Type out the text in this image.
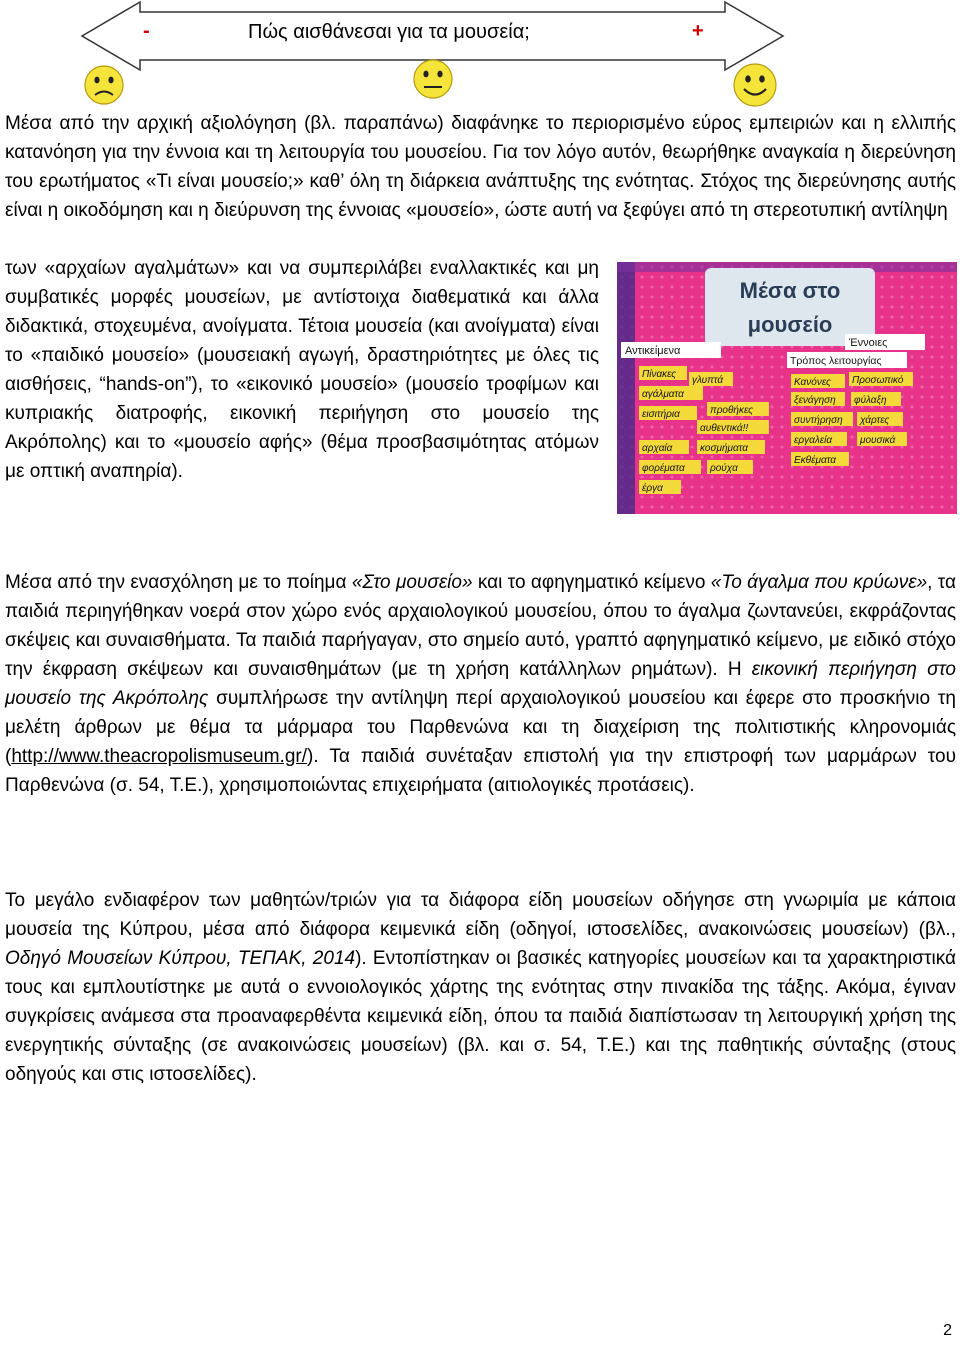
-	Πώς αισθάνεσαι για τα μουσεία;	+

Μέσα από την αρχική αξιολόγηση (βλ. παραπάνω) διαφάνηκε το περιορισμένο εύρος εμπειριών και η ελλιπής κατανόηση για την έννοια και τη λειτουργία του μουσείου. Για τον λόγο αυτόν, θεωρήθηκε αναγκαία η διερεύνηση του ερωτήματος «Τι είναι μουσείο;» καθ’ όλη τη διάρκεια ανάπτυξης της ενότητας. Στόχος της διερεύνησης αυτής είναι η οικοδόμηση και η διεύρυνση της έννοιας «μουσείο», ώστε αυτή να ξεφύγει από τη στερεοτυπική αντίληψη

των «αρχαίων αγαλμάτων» και να συμπεριλάβει εναλλακτικές και μη συμβατικές μορφές μουσείων, με αντίστοιχα διαθεματικά και άλλα διδακτικά, στοχευμένα, ανοίγματα. Τέτοια μουσεία (και ανοίγματα) είναι το «παιδικό μουσείο» (μουσειακή αγωγή, δραστηριότητες με όλες τις αισθήσεις, “hands-on”), το «εικονικό μουσείο» (μουσείο τροφίμων και κυπριακής διατροφής, εικονική περιήγηση στο μουσείο της Ακρόπολης) και το «μουσείο αφής» (θέμα προσβασιμότητας ατόμων με οπτική αναπηρία).

Μέσα στο
μουσείο
Αντικείμενα
Έννοιες
Τρόπος λειτουργίας
Πίνακες
γλυπτά
αγάλματα
Κανόνες Προσωπικό
εισιτήρια
ξενάγηση φύλαξη
προθήκες
αυθεντικά!!
αρχαία	κοσμήματα
συντήρηση χάρτες
φορέματα
εργαλεία
ρούχα
έργα
Εκθέματα
μουσικά

Μέσα από την ενασχόληση με το ποίημα «Στο μουσείο» και το αφηγηματικό κείμενο «Το άγαλμα που κρύωνε», τα παιδιά περιηγήθηκαν νοερά στον χώρο ενός αρχαιολογικού μουσείου, όπου το άγαλμα ζωντανεύει, εκφράζοντας σκέψεις και συναισθήματα. Τα παιδιά παρήγαγαν, στο σημείο αυτό, γραπτό αφηγηματικό κείμενο, με ειδικό στόχο την έκφραση σκέψεων και συναισθημάτων (με τη χρήση κατάλληλων ρημάτων). Η εικονική περιήγηση στο μουσείο της Ακρόπολης συμπλήρωσε την αντίληψη περί αρχαιολογικού μουσείου και έφερε στο προσκήνιο τη μελέτη άρθρων με θέμα τα μάρμαρα του Παρθενώνα και τη διαχείριση της πολιτιστικής κληρονομιάς (http://www.theacropolismuseum.gr/). Τα παιδιά συνέταξαν επιστολή για την επιστροφή των μαρμάρων του Παρθενώνα (σ. 54, Τ.Ε.), χρησιμοποιώντας επιχειρήματα (αιτιολογικές προτάσεις).

Το μεγάλο ενδιαφέρον των μαθητών/τριών για τα διάφορα είδη μουσείων οδήγησε στη γνωριμία με κάποια μουσεία της Κύπρου, μέσα από διάφορα κειμενικά είδη (οδηγοί, ιστοσελίδες, ανακοινώσεις μουσείων) (βλ., Οδηγό Μουσείων Κύπρου, ΤΕΠΑΚ, 2014). Εντοπίστηκαν οι βασικές κατηγορίες μουσείων και τα χαρακτηριστικά τους και εμπλουτίστηκε με αυτά ο εννοιολογικός χάρτης της ενότητας στην πινακίδα της τάξης. Ακόμα, έγιναν συγκρίσεις ανάμεσα στα προαναφερθέντα κειμενικά είδη, όπου τα παιδιά διαπίστωσαν τη λειτουργική χρήση της ενεργητικής σύνταξης (σε ανακοινώσεις μουσείων) (βλ. και σ. 54, Τ.Ε.) και της παθητικής σύνταξης (στους οδηγούς και στις ιστοσελίδες).

2
